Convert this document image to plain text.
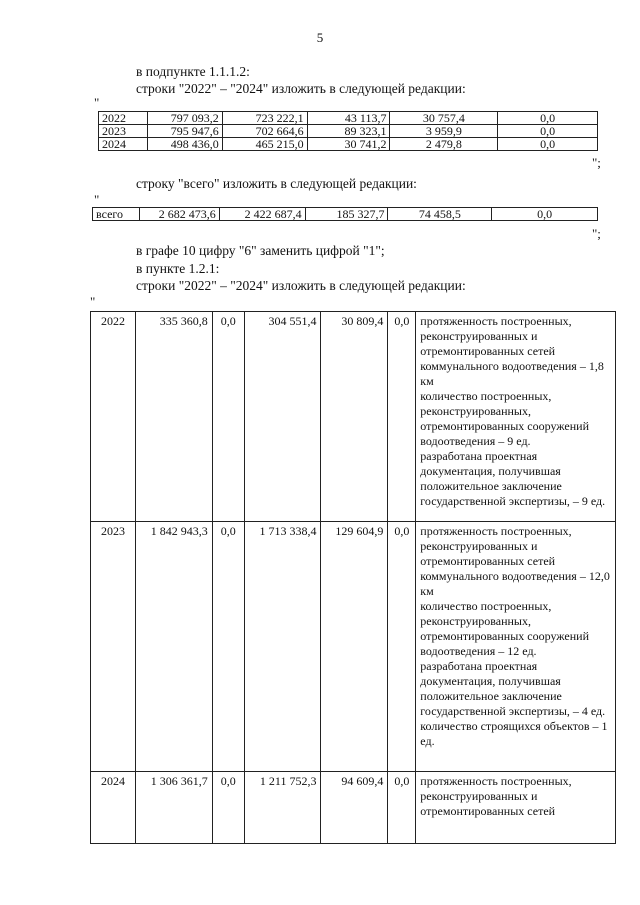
5
в подпункте 1.1.1.2:
строки "2022" – "2024" изложить в следующей редакции:
"
2022	797 093,2	723 222,1	43 113,7	30 757,4	0,0
2023	795 947,6	702 664,6	89 323,1	3 959,9	0,0
2024	498 436,0	465 215,0	30 741,2	2 479,8	0,0
";
строку "всего" изложить в следующей редакции:
"
всего	2 682 473,6	2 422 687,4	185 327,7	74 458,5	0,0
";
в графе 10 цифру "6" заменить цифрой "1";
в пункте 1.2.1:
строки "2022" – "2024" изложить в следующей редакции:
"
2022	335 360,8	0,0	304 551,4	30 809,4	0,0	протяженность построенных, реконструированных и отремонтированных сетей коммунального водоотведения – 1,8 км
количество построенных, реконструированных, отремонтированных сооружений водоотведения – 9 ед.
разработана проектная документация, получившая положительное заключение государственной экспертизы, – 9 ед.
2023	1 842 943,3	0,0	1 713 338,4	129 604,9	0,0	протяженность построенных, реконструированных и отремонтированных сетей коммунального водоотведения – 12,0 км
количество построенных, реконструированных, отремонтированных сооружений водоотведения – 12 ед.
разработана проектная документация, получившая положительное заключение государственной экспертизы, – 4 ед.
количество строящихся объектов – 1 ед.
2024	1 306 361,7	0,0	1 211 752,3	94 609,4	0,0	протяженность построенных, реконструированных и отремонтированных сетей
